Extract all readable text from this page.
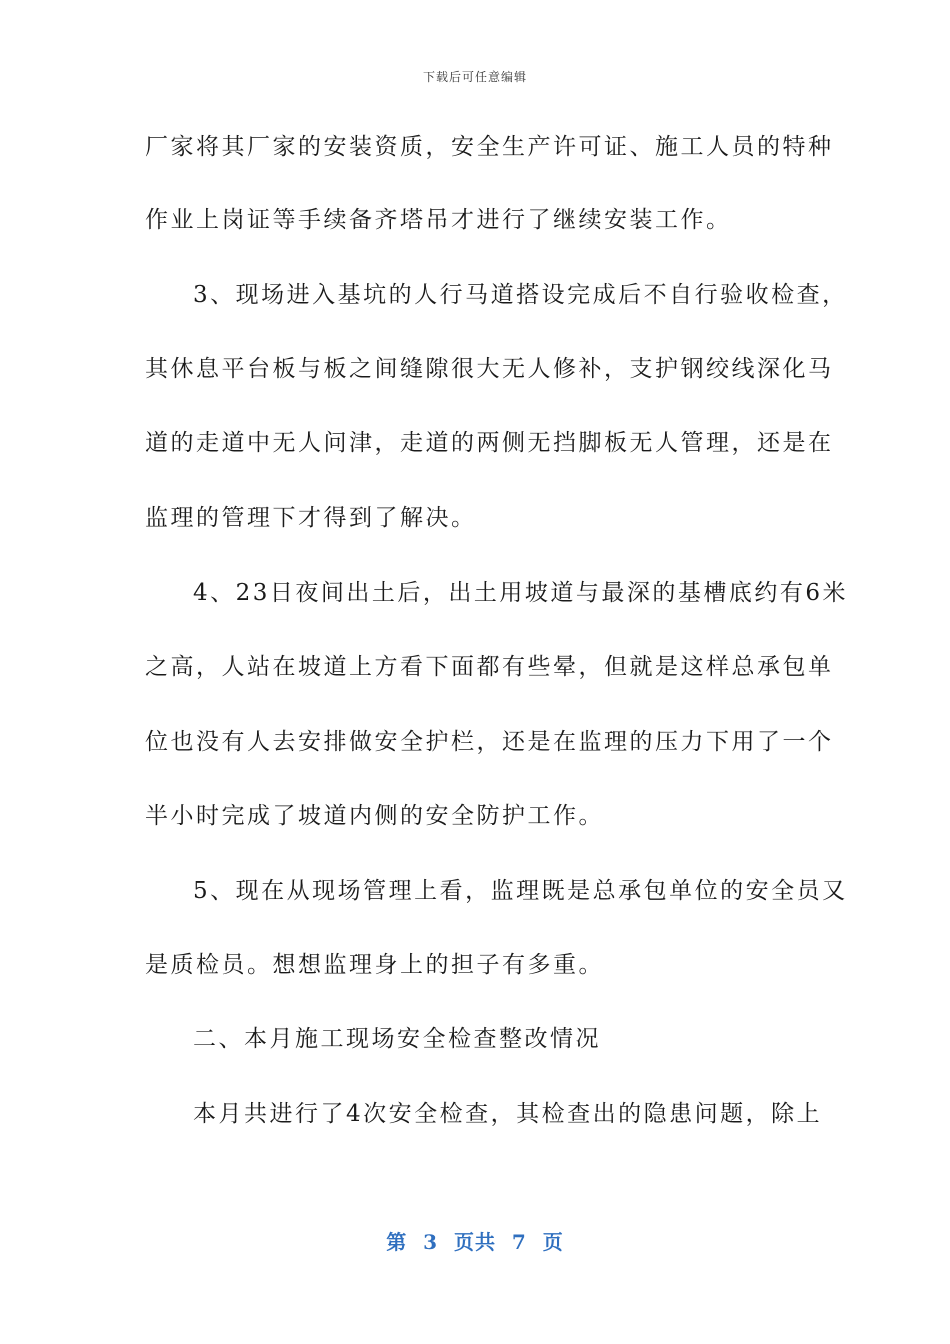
下载后可任意编辑
厂家将其厂家的安装资质，安全生产许可证、施工人员的特种
作业上岗证等手续备齐塔吊才进行了继续安装工作。
3、现场进入基坑的人行马道搭设完成后不自行验收检查，
其休息平台板与板之间缝隙很大无人修补，支护钢绞线深化马
道的走道中无人问津，走道的两侧无挡脚板无人管理，还是在
监理的管理下才得到了解决。
4、23日夜间出土后，出土用坡道与最深的基槽底约有6米
之高，人站在坡道上方看下面都有些晕，但就是这样总承包单
位也没有人去安排做安全护栏，还是在监理的压力下用了一个
半小时完成了坡道内侧的安全防护工作。
5、现在从现场管理上看，监理既是总承包单位的安全员又
是质检员。想想监理身上的担子有多重。
二、本月施工现场安全检查整改情况
本月共进行了4次安全检查，其检查出的隐患问题，除上
第  3  页共  7  页
